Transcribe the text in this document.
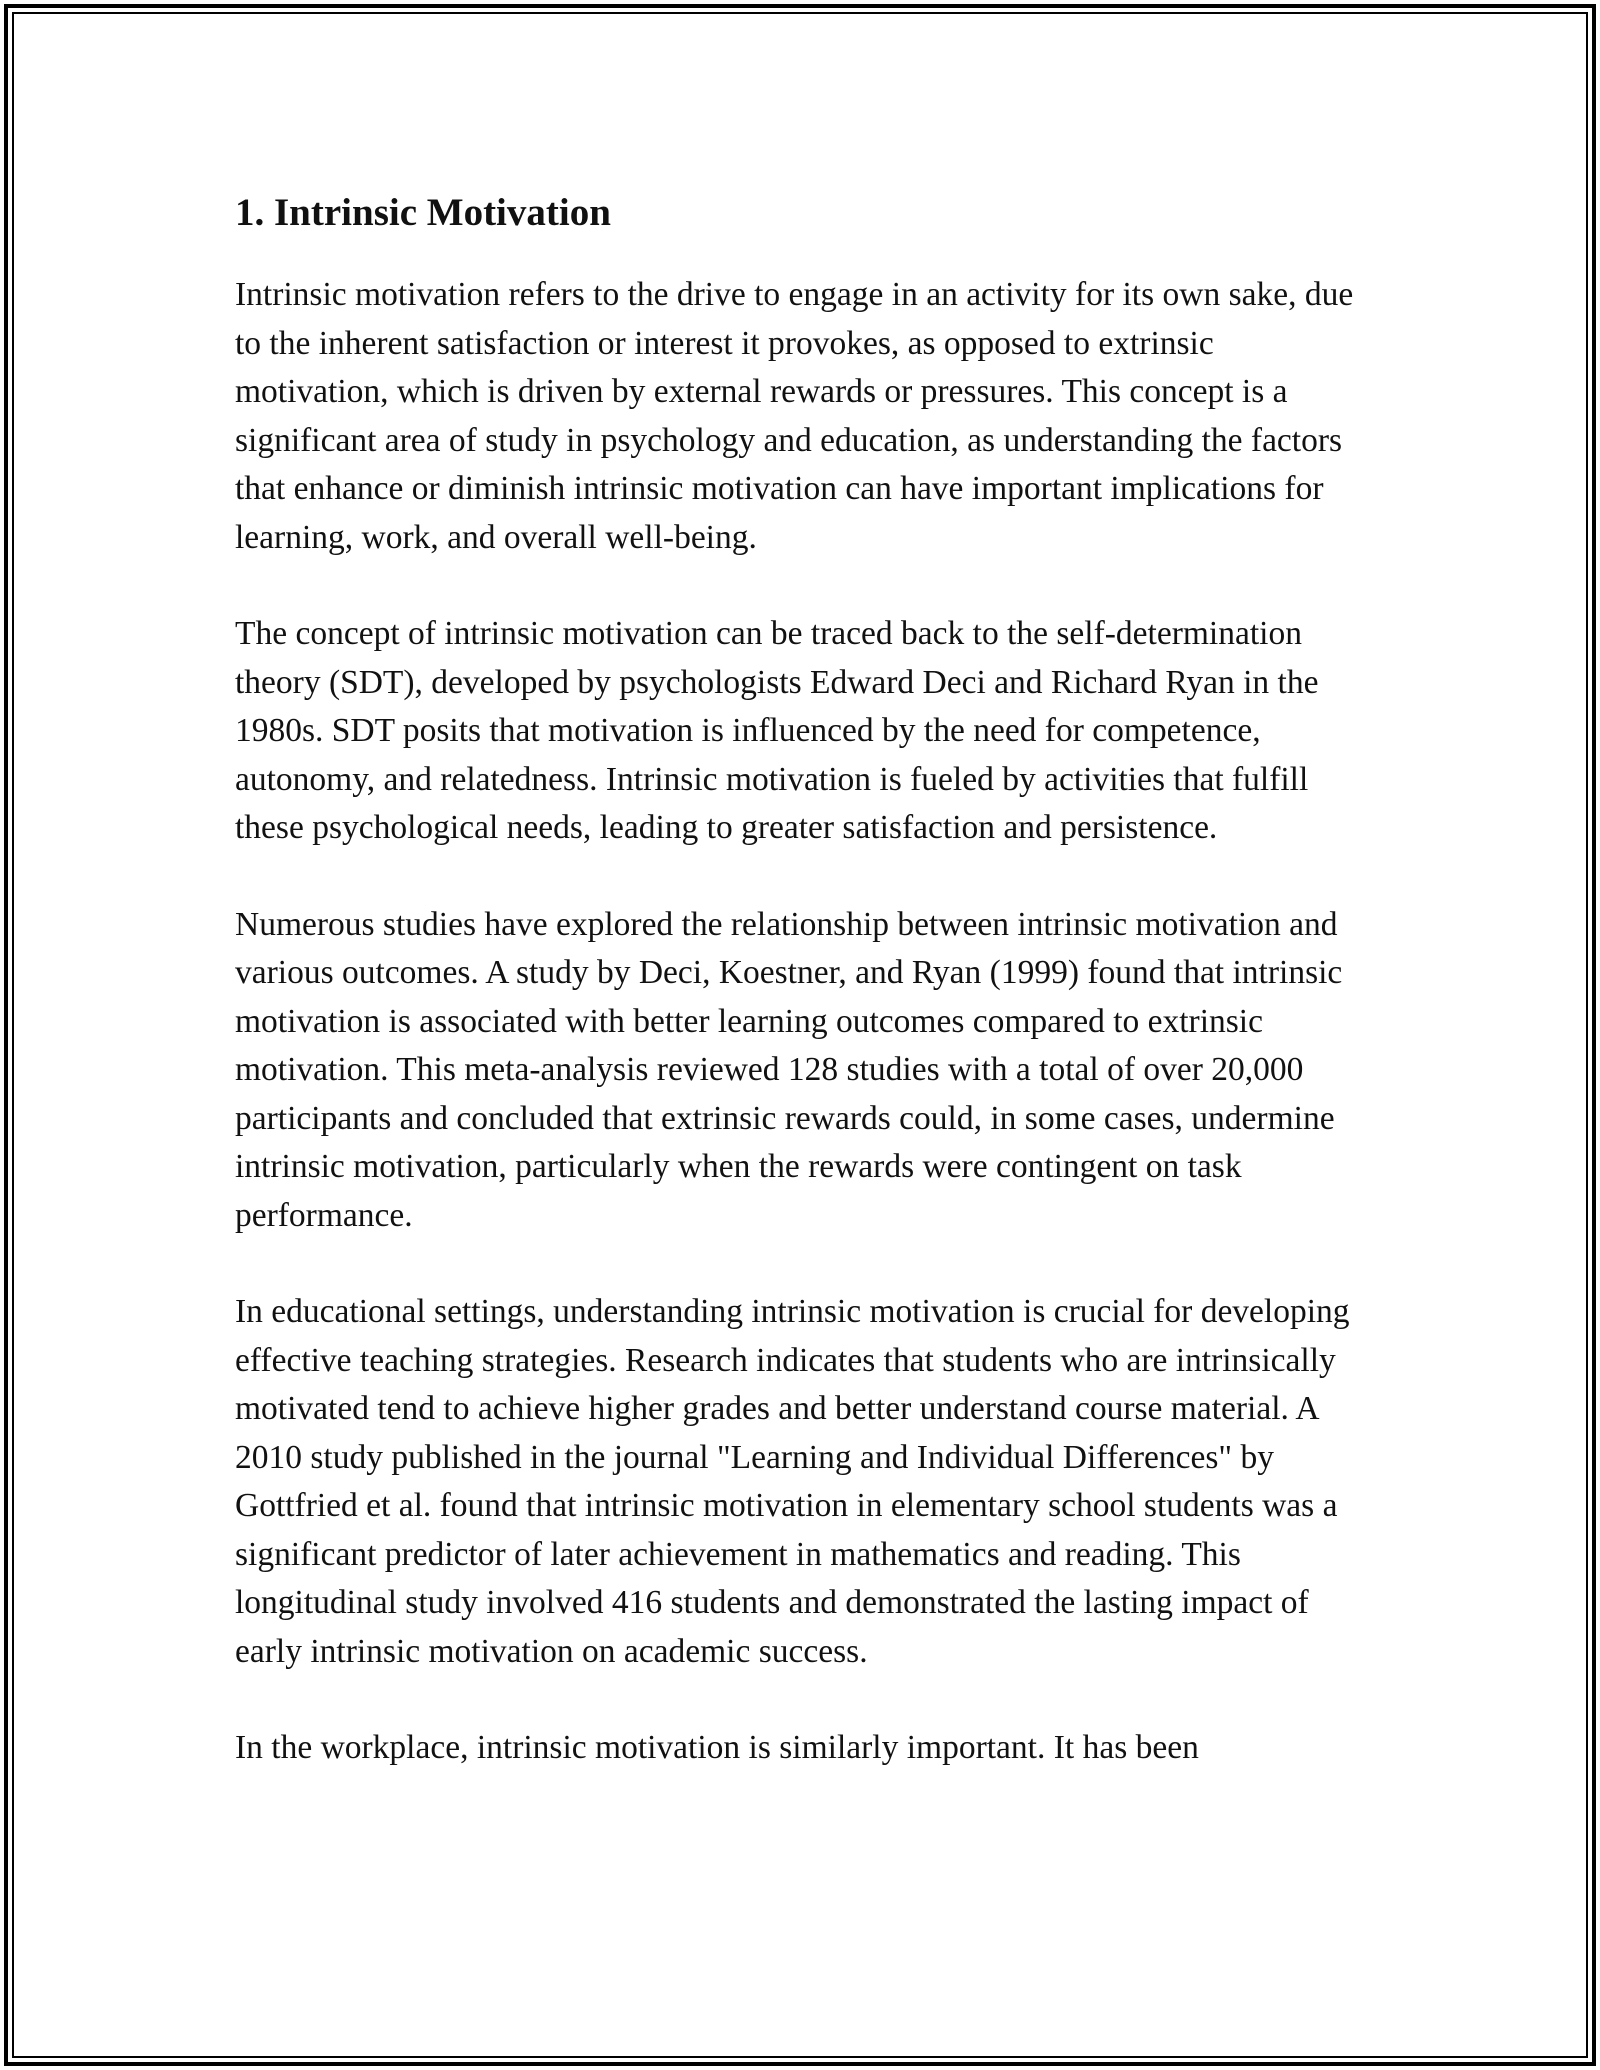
1. Intrinsic Motivation

Intrinsic motivation refers to the drive to engage in an activity for its own sake, due to the inherent satisfaction or interest it provokes, as opposed to extrinsic motivation, which is driven by external rewards or pressures. This concept is a significant area of study in psychology and education, as understanding the factors that enhance or diminish intrinsic motivation can have important implications for learning, work, and overall well-being.

The concept of intrinsic motivation can be traced back to the self-determination theory (SDT), developed by psychologists Edward Deci and Richard Ryan in the 1980s. SDT posits that motivation is influenced by the need for competence, autonomy, and relatedness. Intrinsic motivation is fueled by activities that fulfill these psychological needs, leading to greater satisfaction and persistence.

Numerous studies have explored the relationship between intrinsic motivation and various outcomes. A study by Deci, Koestner, and Ryan (1999) found that intrinsic motivation is associated with better learning outcomes compared to extrinsic motivation. This meta-analysis reviewed 128 studies with a total of over 20,000 participants and concluded that extrinsic rewards could, in some cases, undermine intrinsic motivation, particularly when the rewards were contingent on task performance.

In educational settings, understanding intrinsic motivation is crucial for developing effective teaching strategies. Research indicates that students who are intrinsically motivated tend to achieve higher grades and better understand course material. A 2010 study published in the journal "Learning and Individual Differences" by Gottfried et al. found that intrinsic motivation in elementary school students was a significant predictor of later achievement in mathematics and reading. This longitudinal study involved 416 students and demonstrated the lasting impact of early intrinsic motivation on academic success.

In the workplace, intrinsic motivation is similarly important. It has been
